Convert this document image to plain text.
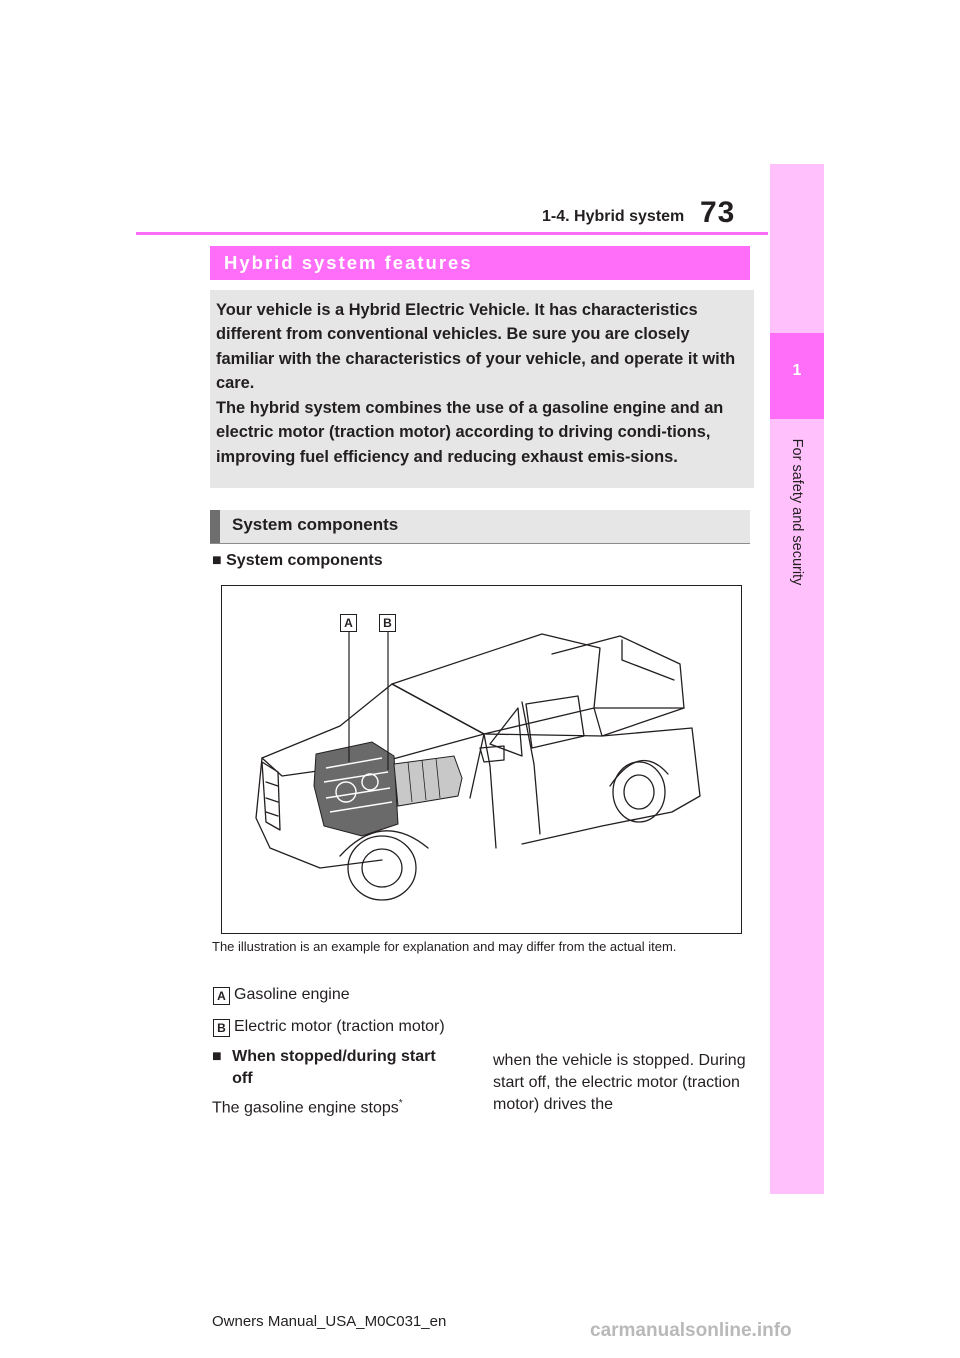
1
For safety and security
1-4. Hybrid system 73
Hybrid system features

Your vehicle is a Hybrid Electric Vehicle. It has characteristics different from conventional vehicles. Be sure you are closely familiar with the characteristics of your vehicle, and operate it with care.

The hybrid system combines the use of a gasoline engine and an electric motor (traction motor) according to driving condi-tions, improving fuel efficiency and reducing exhaust emis-sions.

System components
■ System components
A	B
The illustration is an example for explanation and may differ from the actual item.
A Gasoline engine
B Electric motor (traction motor)
■ When stopped/during start off
The gasoline engine stops*
when the vehicle is stopped. During start off, the electric motor (traction motor) drives the
Owners Manual_USA_M0C031_en	carmanualsonline.info
